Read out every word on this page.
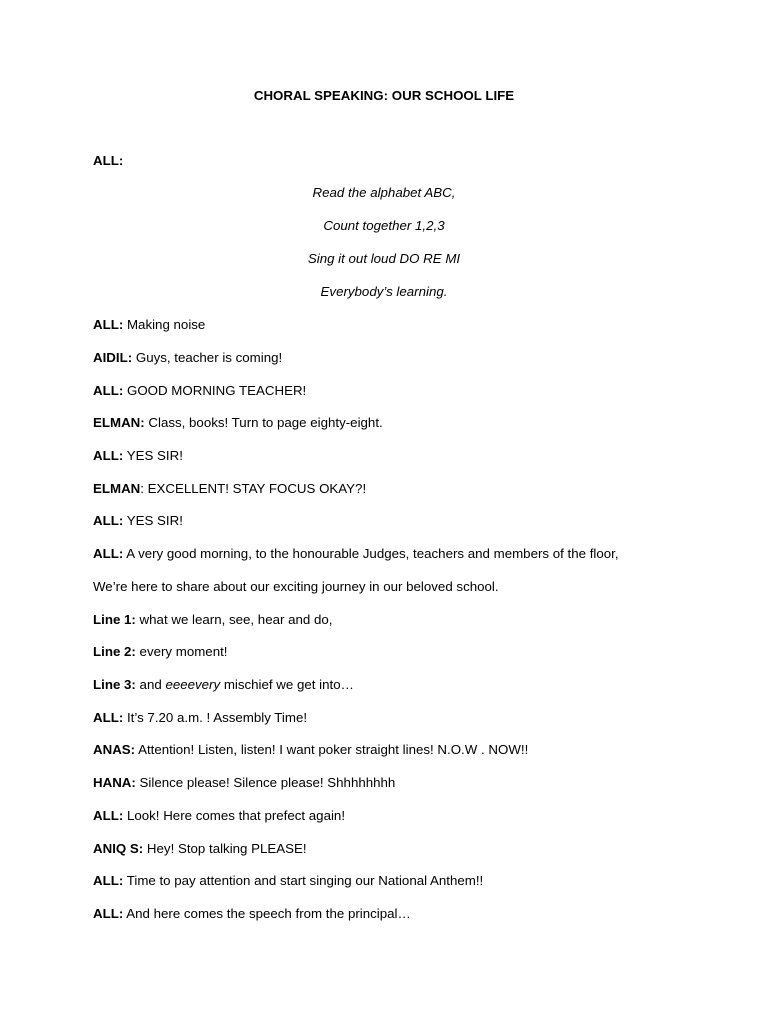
CHORAL SPEAKING: OUR SCHOOL LIFE
ALL:
Read the alphabet ABC,
Count together 1,2,3
Sing it out loud DO RE MI
Everybody’s learning.
ALL: Making noise
AIDIL: Guys, teacher is coming!
ALL: GOOD MORNING TEACHER!
ELMAN: Class, books! Turn to page eighty-eight.
ALL: YES SIR!
ELMAN: EXCELLENT! STAY FOCUS OKAY?!
ALL: YES SIR!
ALL: A very good morning, to the honourable Judges, teachers and members of the floor,
We’re here to share about our exciting journey in our beloved school.
Line 1: what we learn, see, hear and do,
Line 2: every moment!
Line 3: and eeeevery mischief we get into…
ALL: It’s 7.20 a.m. ! Assembly Time!
ANAS: Attention! Listen, listen! I want poker straight lines! N.O.W . NOW!!
HANA: Silence please! Silence please! Shhhhhhhh
ALL: Look! Here comes that prefect again!
ANIQ S: Hey! Stop talking PLEASE!
ALL: Time to pay attention and start singing our National Anthem!!
ALL: And here comes the speech from the principal…
